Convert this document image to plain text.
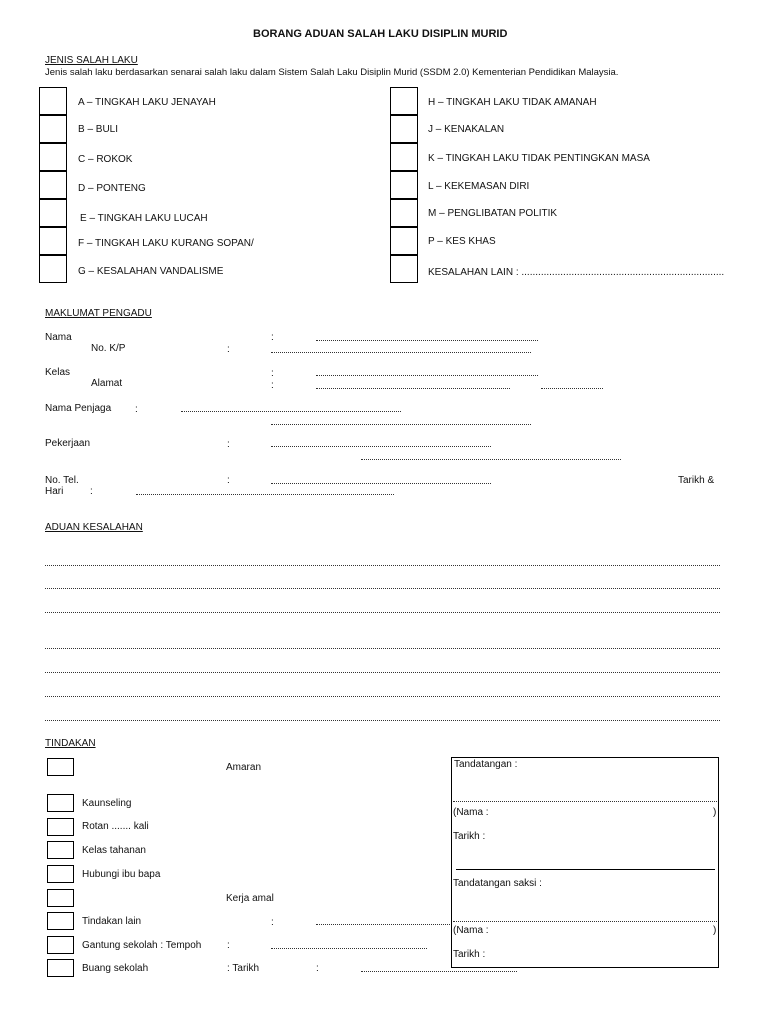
BORANG ADUAN SALAH LAKU DISIPLIN MURID
JENIS SALAH LAKU
Jenis salah laku berdasarkan senarai salah laku dalam Sistem Salah Laku Disiplin Murid (SSDM 2.0) Kementerian Pendidikan Malaysia.
A – TINGKAH LAKU JENAYAH
B – BULI
C – ROKOK
D – PONTENG
E – TINGKAH LAKU LUCAH
F – TINGKAH LAKU KURANG SOPAN/
G – KESALAHAN VANDALISME
H – TINGKAH LAKU TIDAK AMANAH
J – KENAKALAN
K – TINGKAH LAKU TIDAK PENTINGKAN MASA
L – KEKEMASAN DIRI
M – PENGLIBATAN POLITIK
P – KES KHAS
KESALAHAN LAIN : .........................................................................
MAKLUMAT PENGADU
Nama	:
No. K/P	:
Kelas	:
Alamat	:
Nama Penjaga :
Pekerjaan	:
No. Tel.	:	Tarikh &
Hari	:
ADUAN KESALAHAN
TINDAKAN
Amaran
Kaunseling
Rotan ....... kali
Kelas tahanan
Hubungi ibu bapa
Kerja amal
Tindakan lain	:
Gantung sekolah : Tempoh	:
Buang sekolah	: Tarikh	:
Tandatangan :
(Nama :	)
Tarikh :
Tandatangan saksi :
(Nama :	)
Tarikh :
